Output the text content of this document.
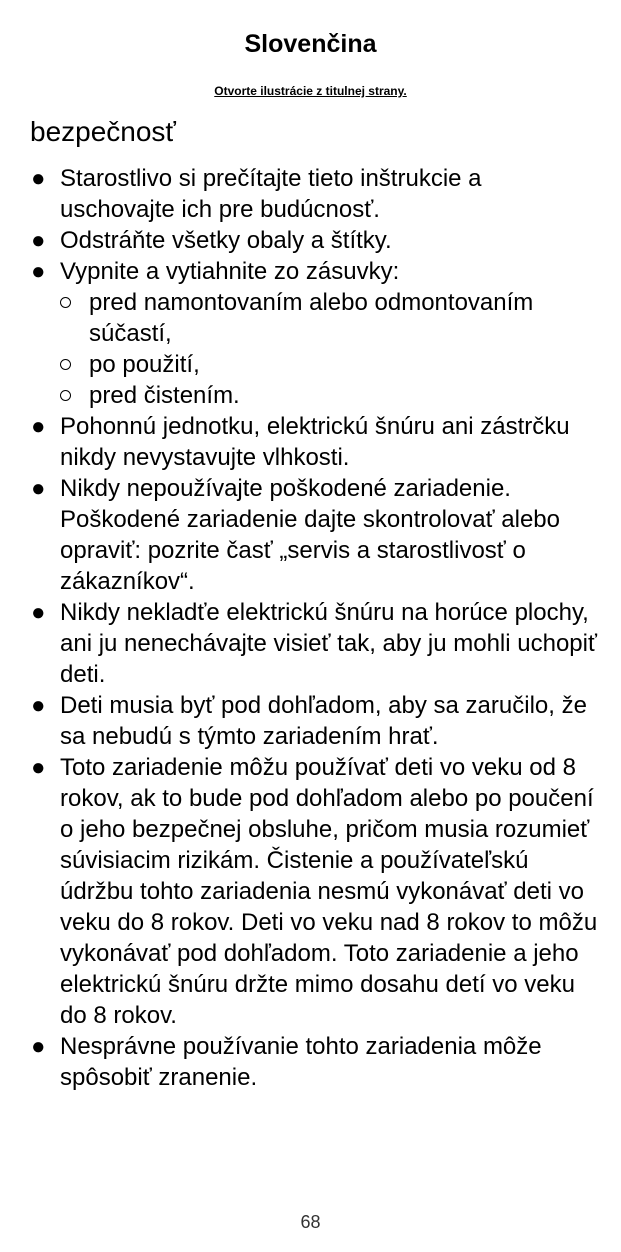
Slovenčina
Otvorte ilustrácie z titulnej strany.
bezpečnosť
● Starostlivo si prečítajte tieto inštrukcie a uschovajte ich pre budúcnosť.
● Odstráňte všetky obaly a štítky.
● Vypnite a vytiahnite zo zásuvky:
pred namontovaním alebo odmontovaním súčastí,
po použití,
pred čistením.
● Pohonnú jednotku, elektrickú šnúru ani zástrčku nikdy nevystavujte vlhkosti.
● Nikdy nepoužívajte poškodené zariadenie. Poškodené zariadenie dajte skontrolovať alebo opraviť: pozrite časť „servis a starostlivosť o zákazníkov“.
● Nikdy nekladťe elektrickú šnúru na horúce plochy, ani ju nenechávajte visieť tak, aby ju mohli uchopiť deti.
● Deti musia byť pod dohľadom, aby sa zaručilo, že sa nebudú s týmto zariadením hrať.
● Toto zariadenie môžu používať deti vo veku od 8 rokov, ak to bude pod dohľadom alebo po poučení o jeho bezpečnej obsluhe, pričom musia rozumieť súvisiacim rizikám. Čistenie a používateľskú údržbu tohto zariadenia nesmú vykonávať deti vo veku do 8 rokov. Deti vo veku nad 8 rokov to môžu vykonávať pod dohľadom. Toto zariadenie a jeho elektrickú šnúru držte mimo dosahu detí vo veku do 8 rokov.
● Nesprávne používanie tohto zariadenia môže spôsobiť zranenie.
68
